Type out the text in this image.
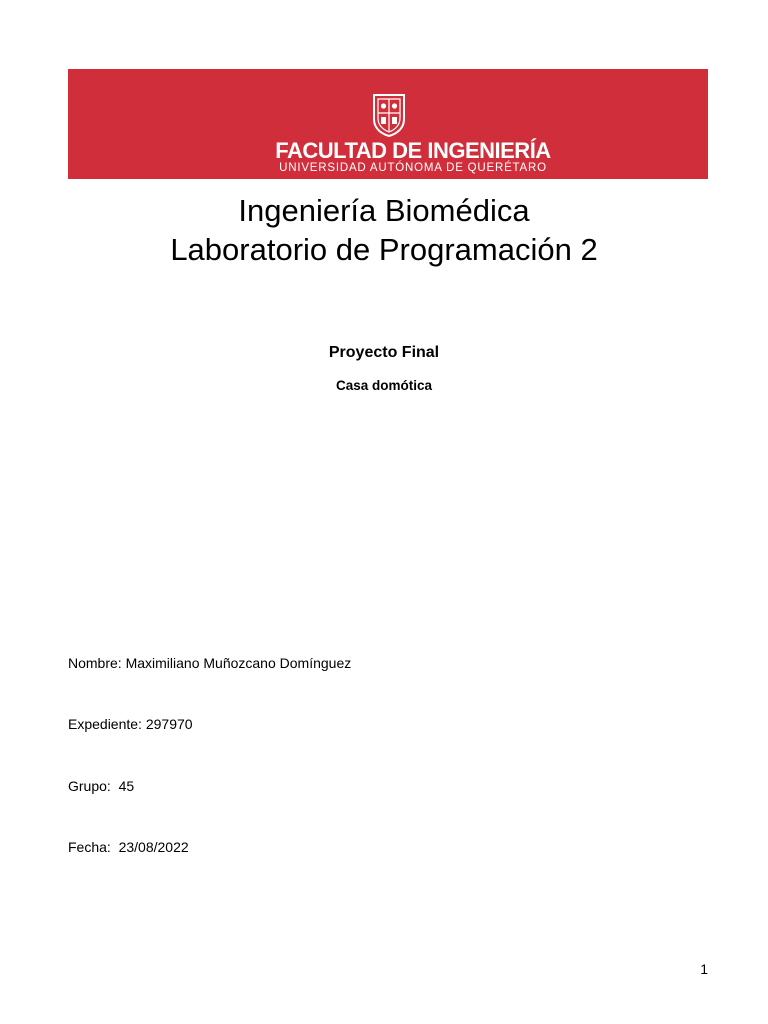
FACULTAD DE INGENIERÍA
UNIVERSIDAD AUTÓNOMA DE QUERÉTARO
Ingeniería Biomédica
Laboratorio de Programación 2
Proyecto Final
Casa domótica
Nombre: Maximiliano Muñozcano Domínguez
Expediente: 297970
Grupo:  45
Fecha:  23/08/2022
1
